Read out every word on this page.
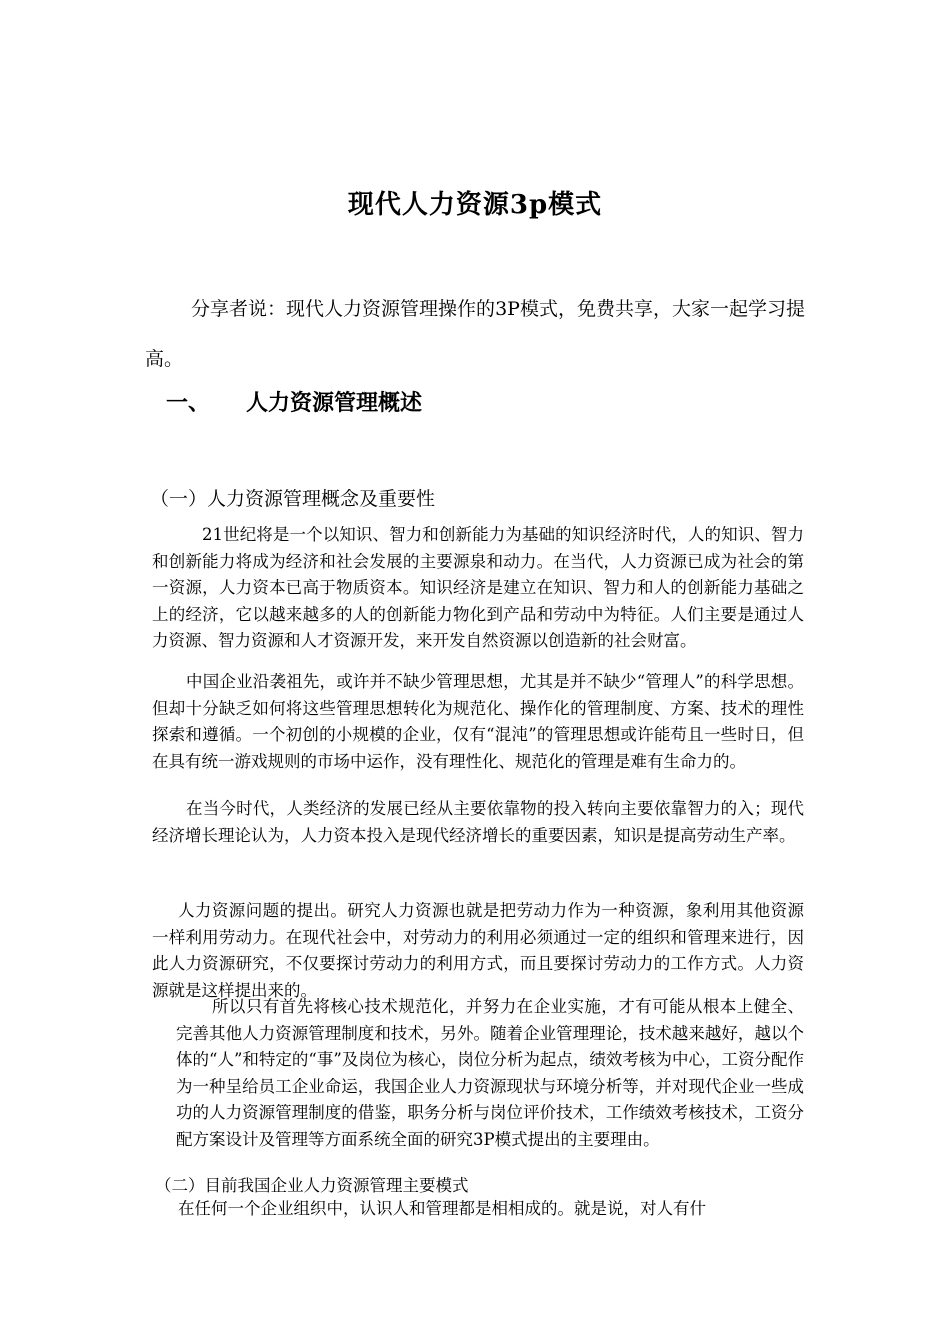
现代人力资源3p模式
分享者说：现代人力资源管理操作的3P模式，免费共享，大家一起学习提高。
一、 人力资源管理概述
（一）人力资源管理概念及重要性
21世纪将是一个以知识、智力和创新能力为基础的知识经济时代，人的知识、智力和创新能力将成为经济和社会发展的主要源泉和动力。在当代，人力资源已成为社会的第一资源，人力资本已高于物质资本。知识经济是建立在知识、智力和人的创新能力基础之上的经济，它以越来越多的人的创新能力物化到产品和劳动中为特征。人们主要是通过人力资源、智力资源和人才资源开发，来开发自然资源以创造新的社会财富。
中国企业沿袭祖先，或许并不缺少管理思想，尤其是并不缺少“管理人”的科学思想。但却十分缺乏如何将这些管理思想转化为规范化、操作化的管理制度、方案、技术的理性探索和遵循。一个初创的小规模的企业，仅有“混沌”的管理思想或许能苟且一些时日，但在具有统一游戏规则的市场中运作，没有理性化、规范化的管理是难有生命力的。
在当今时代，人类经济的发展已经从主要依靠物的投入转向主要依靠智力的入；现代经济增长理论认为，人力资本投入是现代经济增长的重要因素，知识是提高劳动生产率。
人力资源问题的提出。研究人力资源也就是把劳动力作为一种资源，象利用其他资源一样利用劳动力。在现代社会中，对劳动力的利用必须通过一定的组织和管理来进行，因此人力资源研究，不仅要探讨劳动力的利用方式，而且要探讨劳动力的工作方式。人力资源就是这样提出来的。
所以只有首先将核心技术规范化，并努力在企业实施，才有可能从根本上健全、完善其他人力资源管理制度和技术，另外。随着企业管理理论，技术越来越好，越以个体的“人”和特定的“事”及岗位为核心，岗位分析为起点，绩效考核为中心，工资分配作为一种呈给员工企业命运，我国企业人力资源现状与环境分析等，并对现代企业一些成功的人力资源管理制度的借鉴，职务分析与岗位评价技术，工作绩效考核技术，工资分配方案设计及管理等方面系统全面的研究3P模式提出的主要理由。
（二）目前我国企业人力资源管理主要模式
在任何一个企业组织中，认识人和管理都是相相成的。就是说，对人有什
